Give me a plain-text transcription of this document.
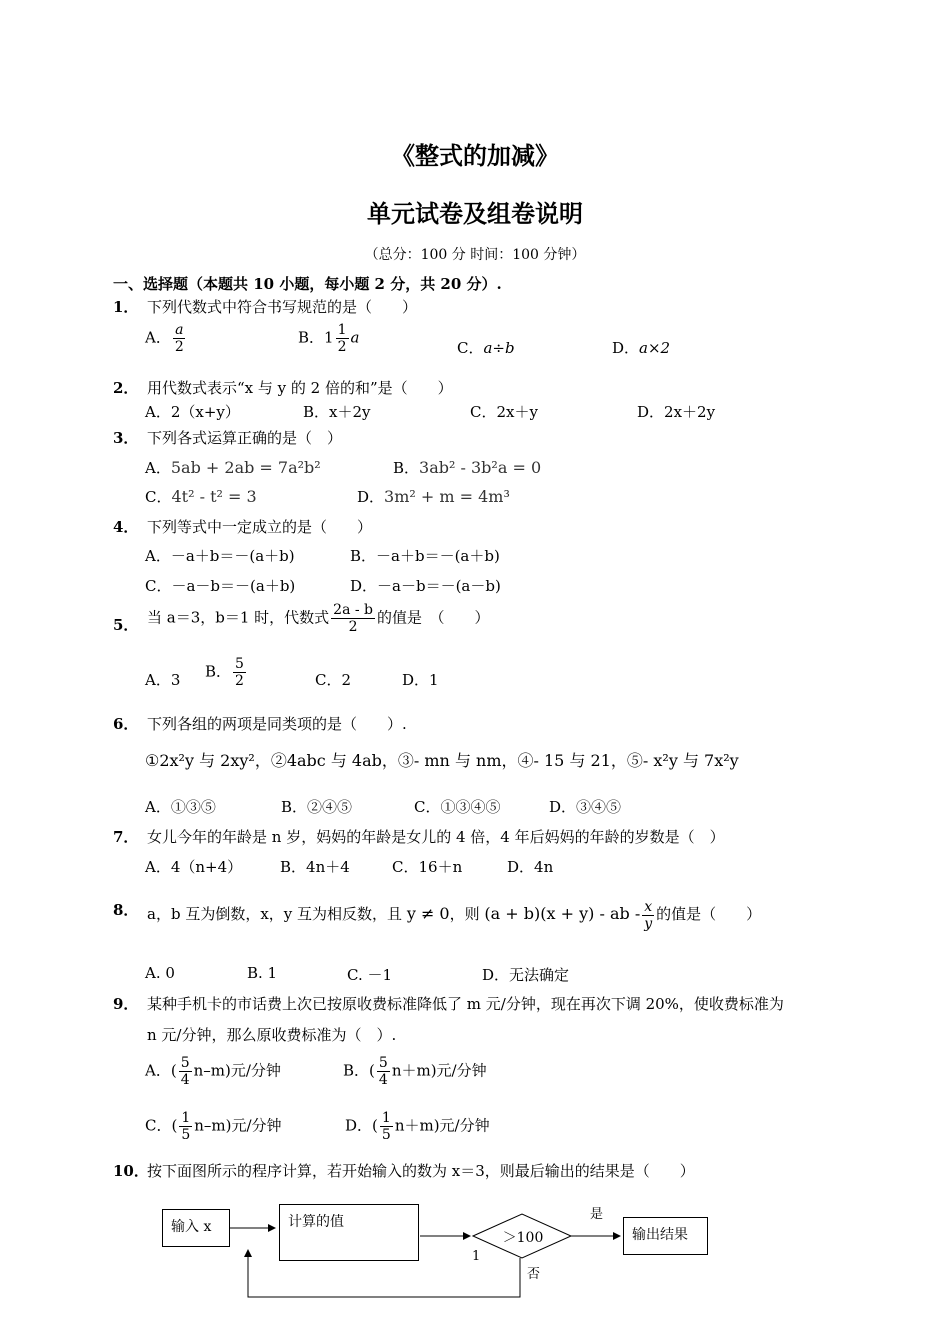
《整式的加减》
单元试卷及组卷说明
（总分：100 分 时间：100 分钟）
一、选择题（本题共 10 小题，每小题 2 分，共 20 分）.
1． 下列代数式中符合书写规范的是（　　）
A． $\frac{a}{2}$	B．$1 \frac{1}{2}$ a
C．a÷b	D．a×2
2． 用代数式表示“x 与 y 的 2 倍的和”是（　　）
A．2（x+y）	B．x＋2y	C．2x＋y	D．2x＋2y
3． 下列各式运算正确的是（　）
A．5ab + 2ab = 7a²b²	B．3ab² - 3b²a = 0
C．4t² - t² = 3	D．3m² + m = 4m³
4． 下列等式中一定成立的是（　　）
A．－a＋b＝－(a＋b)	B．－a＋b＝－(a＋b)
C．－a－b＝－(a＋b)	D．－a－b＝－(a－b)
5． 当 a＝3，b＝1 时，代数式 $\frac{2a - b}{2}$ 的值是　（　　）
A．3 B． $\frac{5}{2}$	C．2	D．1
6． 下列各组的两项是同类项的是（　　）.
①2x²y 与 2xy²，②4abc 与 4ab，③- mn 与 nm，④- 15 与 21，⑤- x²y 与 7x²y
A．①③⑤	B．②④⑤	C．①③④⑤	D．③④⑤
7． 女儿今年的年龄是 n 岁，妈妈的年龄是女儿的 4 倍，4 年后妈妈的年龄的岁数是（　）
A．4（n+4）	B．4n＋4	C．16＋n	D．4n
8． a，b 互为倒数，x，y 互为相反数，且 y ≠ 0，则 (a + b)(x + y) - ab - $\frac{x}{y}$ 的值是（　　）
A. 0	B. 1	C. －1	D．无法确定
9． 某种手机卡的市话费上次已按原收费标准降低了 m 元/分钟，现在再次下调 20%，使收费标准为
n 元/分钟，那么原收费标准为（　）.
A．( $\frac{5}{4} n-m$)元/分钟	B．( $\frac{5}{4} n+m$)元/分钟
C．( $\frac{1}{5} n-m$)元/分钟	D．( $\frac{1}{5} n+m$)元/分钟
10．
按下面图所示的程序计算，若开始输入的数为 x＝3，则最后输出的结果是（　　）
输入 x	计算的值
＞100	输出结果
是
否
1
